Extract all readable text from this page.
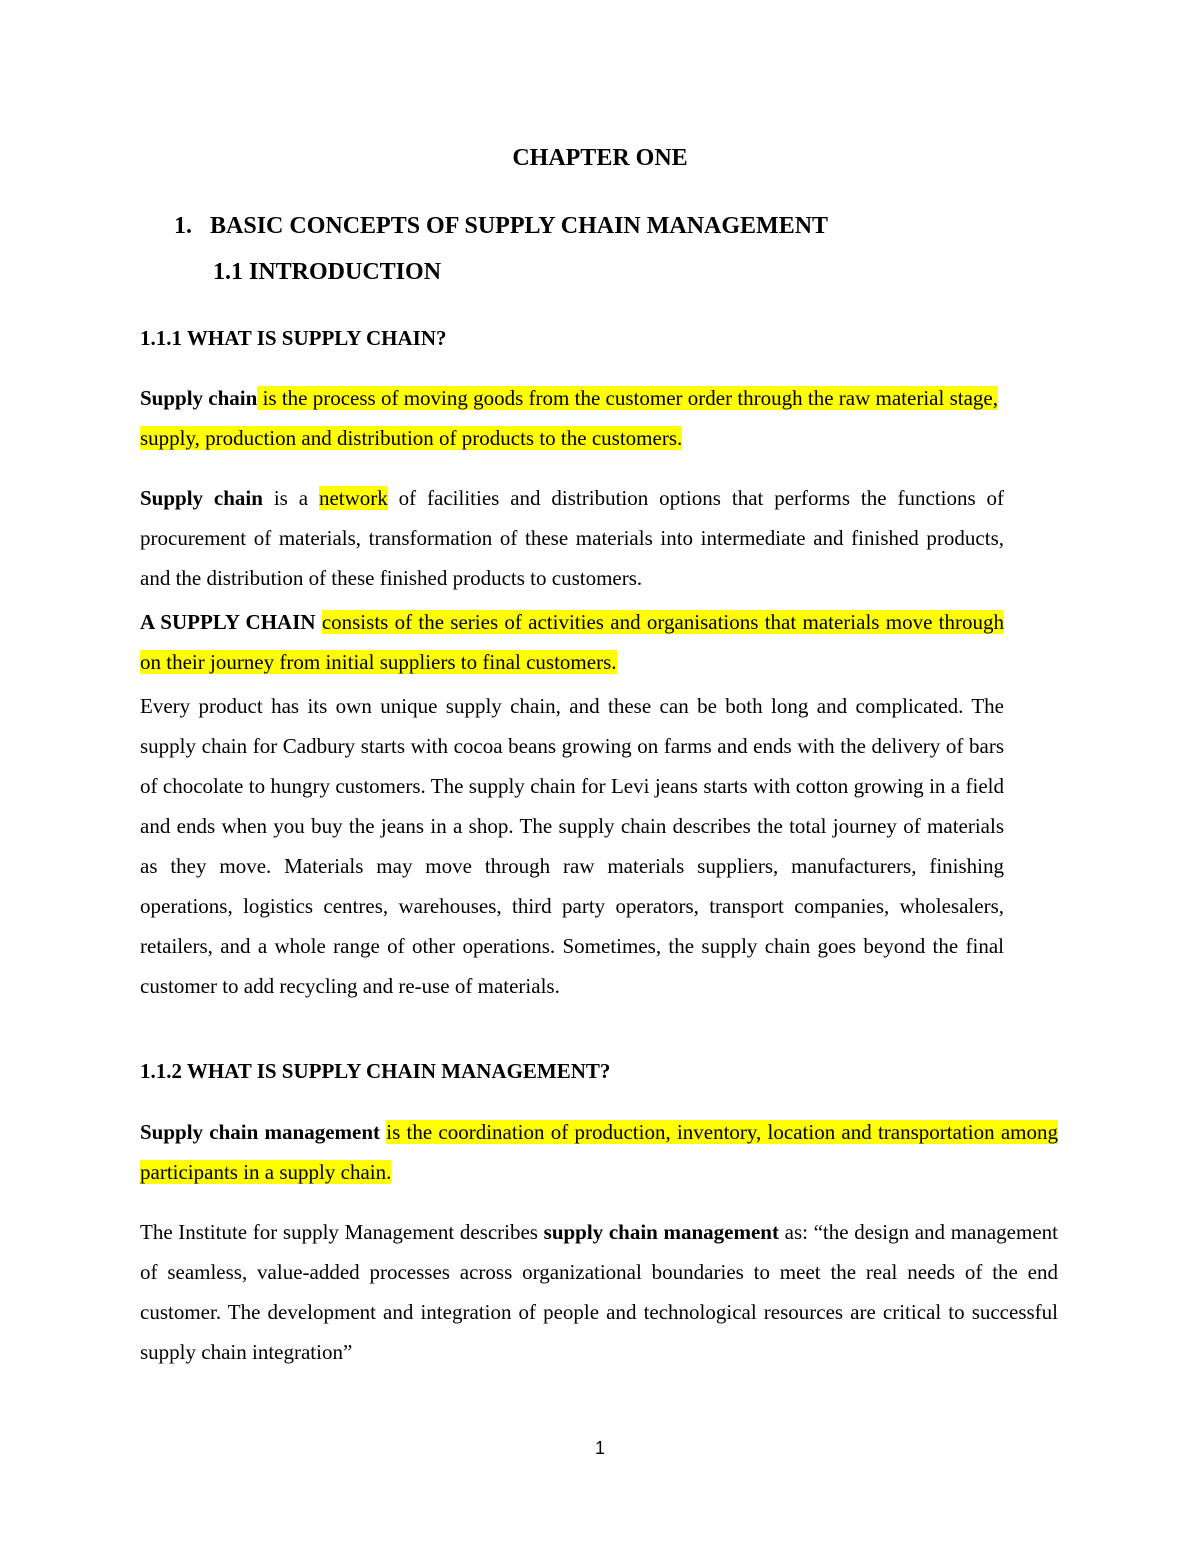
CHAPTER ONE
1. BASIC CONCEPTS OF SUPPLY CHAIN MANAGEMENT
1.1 INTRODUCTION
1.1.1 WHAT IS SUPPLY CHAIN?

Supply chain is the process of moving goods from the customer order through the raw material stage, supply, production and distribution of products to the customers.

Supply chain is a network of facilities and distribution options that performs the functions of procurement of materials, transformation of these materials into intermediate and finished products, and the distribution of these finished products to customers.

A SUPPLY CHAIN consists of the series of activities and organisations that materials move through on their journey from initial suppliers to final customers.

Every product has its own unique supply chain, and these can be both long and complicated. The supply chain for Cadbury starts with cocoa beans growing on farms and ends with the delivery of bars of chocolate to hungry customers. The supply chain for Levi jeans starts with cotton growing in a field and ends when you buy the jeans in a shop. The supply chain describes the total journey of materials as they move. Materials may move through raw materials suppliers, manufacturers, finishing operations, logistics centres, warehouses, third party operators, transport companies, wholesalers, retailers, and a whole range of other operations. Sometimes, the supply chain goes beyond the final customer to add recycling and re-use of materials.

1.1.2 WHAT IS SUPPLY CHAIN MANAGEMENT?

Supply chain management is the coordination of production, inventory, location and transportation among participants in a supply chain.

The Institute for supply Management describes supply chain management as: “the design and management of seamless, value-added processes across organizational boundaries to meet the real needs of the end customer. The development and integration of people and technological resources are critical to successful supply chain integration”

1
